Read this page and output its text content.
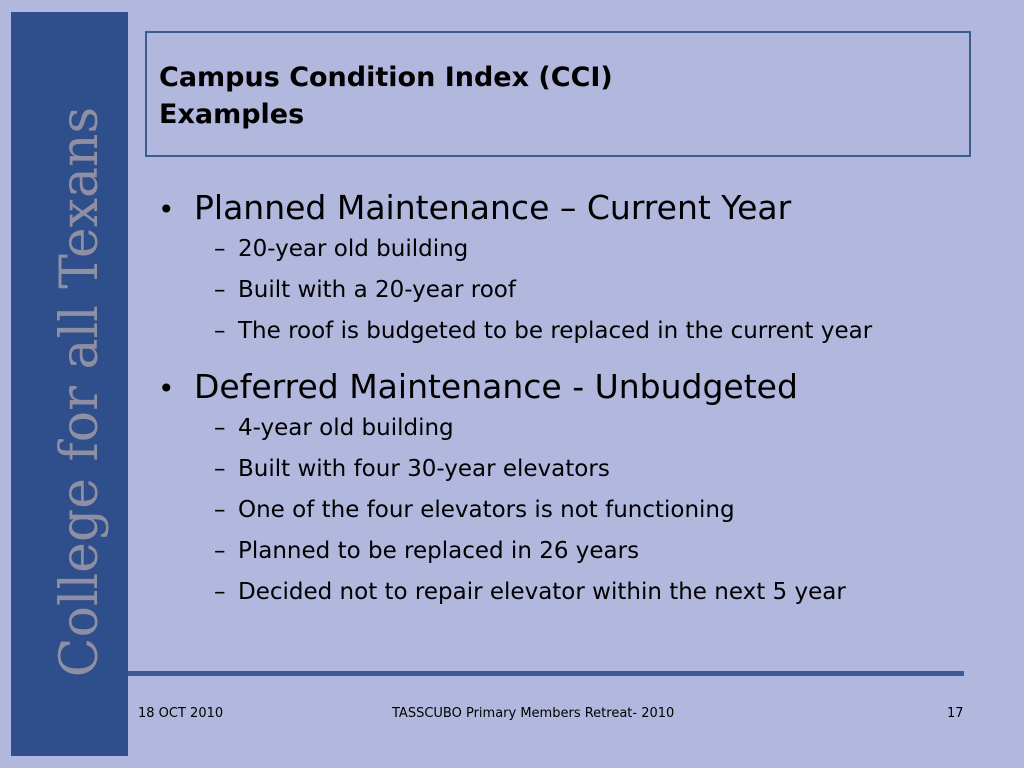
College for all Texans
Campus Condition Index (CCI)
Examples
• Planned Maintenance – Current Year
– 20-year old building
– Built with a 20-year roof
– The roof is budgeted to be replaced in the current year
• Deferred Maintenance - Unbudgeted
– 4-year old building
– Built with four 30-year elevators
– One of the four elevators is not functioning
– Planned to be replaced in 26 years
– Decided not to repair elevator within the next 5 year
18 OCT 2010	TASSCUBO Primary Members Retreat- 2010	17
